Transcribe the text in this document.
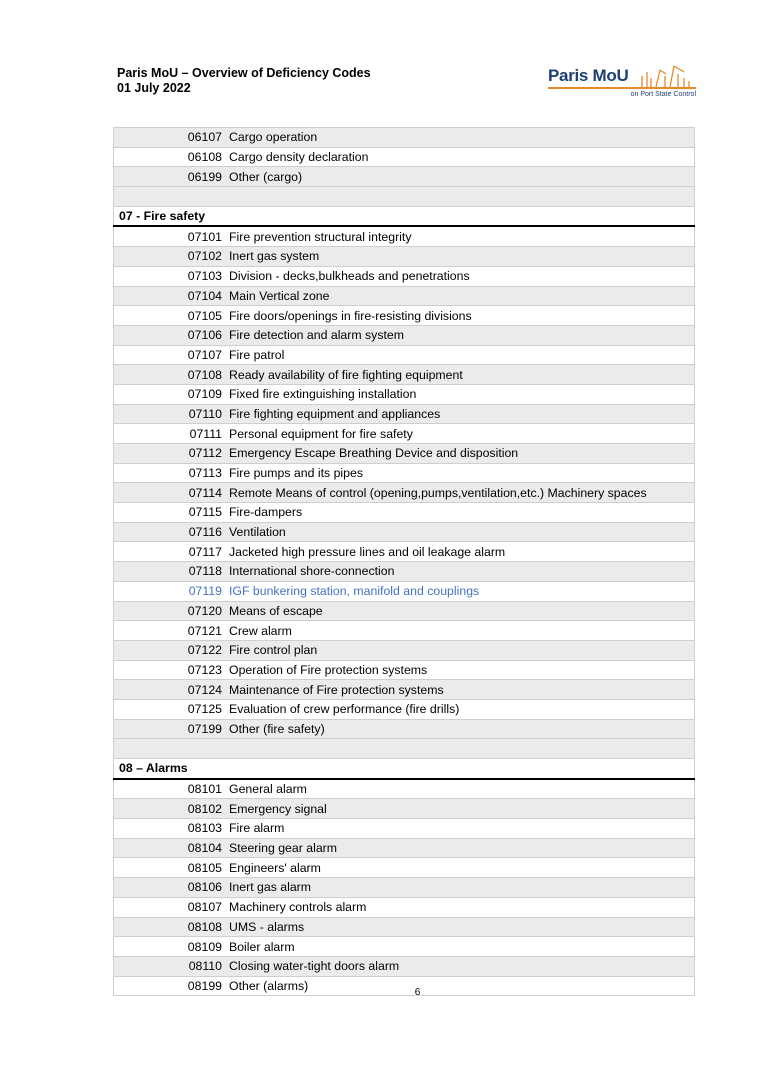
Paris MoU – Overview of Deficiency Codes
01 July 2022
Paris MoU
on Port State Control
06107	Cargo operation
06108	Cargo density declaration
06199	Other (cargo)

07 - Fire safety	
07101	Fire prevention structural integrity
07102	Inert gas system
07103	Division - decks,bulkheads and penetrations
07104	Main Vertical zone
07105	Fire doors/openings in fire-resisting divisions
07106	Fire detection and alarm system
07107	Fire patrol
07108	Ready availability of fire fighting equipment
07109	Fixed fire extinguishing installation
07110	Fire fighting equipment and appliances
07111	Personal equipment for fire safety
07112	Emergency Escape Breathing Device and disposition
07113	Fire pumps and its pipes
07114	Remote Means of control (opening,pumps,ventilation,etc.) Machinery spaces
07115	Fire-dampers
07116	Ventilation
07117	Jacketed high pressure lines and oil leakage alarm
07118	International shore-connection
07119	IGF bunkering station, manifold and couplings
07120	Means of escape
07121	Crew alarm
07122	Fire control plan
07123	Operation of Fire protection systems
07124	Maintenance of Fire protection systems
07125	Evaluation of crew performance (fire drills)
07199	Other (fire safety)

08 – Alarms	
08101	General alarm
08102	Emergency signal
08103	Fire alarm
08104	Steering gear alarm
08105	Engineers' alarm
08106	Inert gas alarm
08107	Machinery controls alarm
08108	UMS - alarms
08109	Boiler alarm
08110	Closing water-tight doors alarm
08199	Other (alarms)	6
